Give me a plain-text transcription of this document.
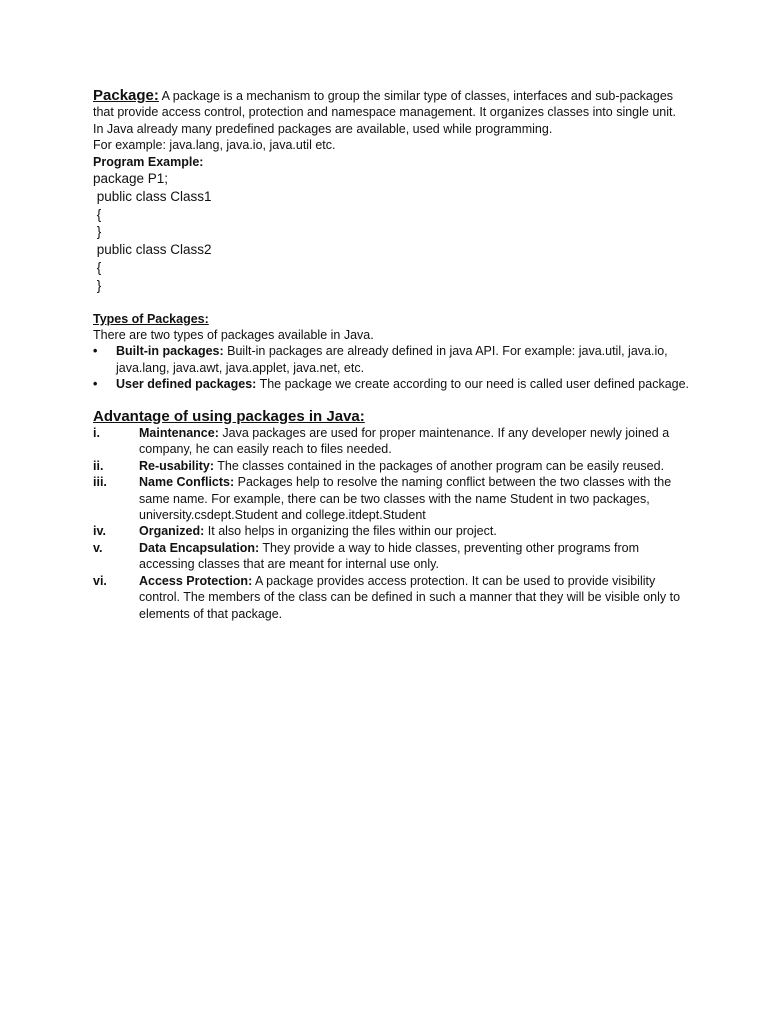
Package: A package is a mechanism to group the similar type of classes, interfaces and sub-packages that provide access control, protection and namespace management. It organizes classes into single unit.

In Java already many predefined packages are available, used while programming.

For example: java.lang, java.io, java.util etc.

Program Example:

package P1;
public class Class1
{
}
public class Class2
{
}

Types of Packages:

There are two types of packages available in Java.

• Built-in packages: Built-in packages are already defined in java API. For example: java.util, java.io, java.lang, java.awt, java.applet, java.net, etc.
• User defined packages: The package we create according to our need is called user defined package.

Advantage of using packages in Java:

i.	Maintenance: Java packages are used for proper maintenance. If any developer newly joined a company, he can easily reach to files needed.
ii.	Re-usability: The classes contained in the packages of another program can be easily reused.
iii.	Name Conflicts: Packages help to resolve the naming conflict between the two classes with the same name. For example, there can be two classes with the name Student in two packages, university.csdept.Student and college.itdept.Student
iv.	Organized: It also helps in organizing the files within our project.
v.	Data Encapsulation: They provide a way to hide classes, preventing other programs from accessing classes that are meant for internal use only.
vi.	Access Protection: A package provides access protection. It can be used to provide visibility control. The members of the class can be defined in such a manner that they will be visible only to elements of that package.
